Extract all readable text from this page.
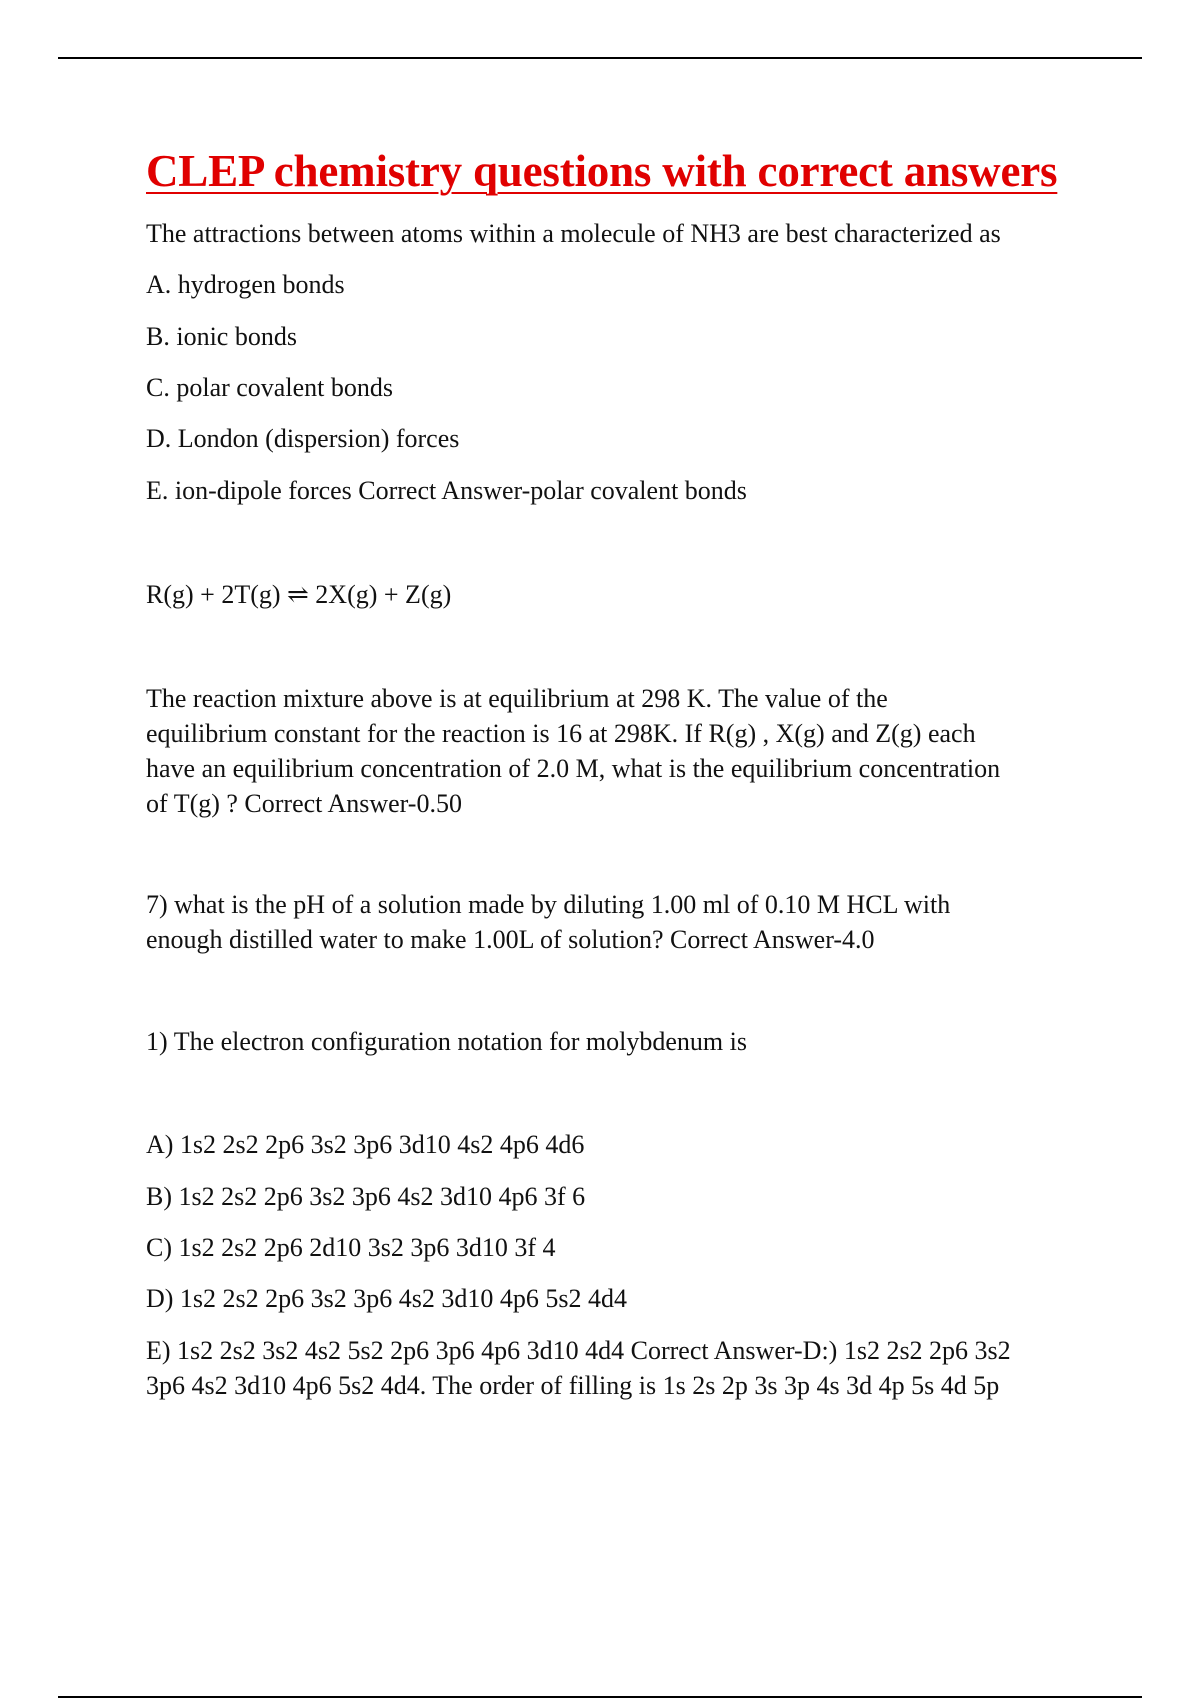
CLEP chemistry questions with correct answers

The attractions between atoms within a molecule of NH3 are best characterized as

A. hydrogen bonds

B. ionic bonds

C. polar covalent bonds

D. London (dispersion) forces

E. ion-dipole forces Correct Answer-polar covalent bonds

R(g) + 2T(g) ⇌ 2X(g) + Z(g)

The reaction mixture above is at equilibrium at 298 K. The value of the
equilibrium constant for the reaction is 16 at 298K. If R(g) , X(g) and Z(g) each
have an equilibrium concentration of 2.0 M, what is the equilibrium concentration
of T(g) ? Correct Answer-0.50

7) what is the pH of a solution made by diluting 1.00 ml of 0.10 M HCL with
enough distilled water to make 1.00L of solution? Correct Answer-4.0

1) The electron configuration notation for molybdenum is

A) 1s2 2s2 2p6 3s2 3p6 3d10 4s2 4p6 4d6

B) 1s2 2s2 2p6 3s2 3p6 4s2 3d10 4p6 3f 6

C) 1s2 2s2 2p6 2d10 3s2 3p6 3d10 3f 4

D) 1s2 2s2 2p6 3s2 3p6 4s2 3d10 4p6 5s2 4d4

E) 1s2 2s2 3s2 4s2 5s2 2p6 3p6 4p6 3d10 4d4 Correct Answer-D:) 1s2 2s2 2p6 3s2
3p6 4s2 3d10 4p6 5s2 4d4. The order of filling is 1s 2s 2p 3s 3p 4s 3d 4p 5s 4d 5p
